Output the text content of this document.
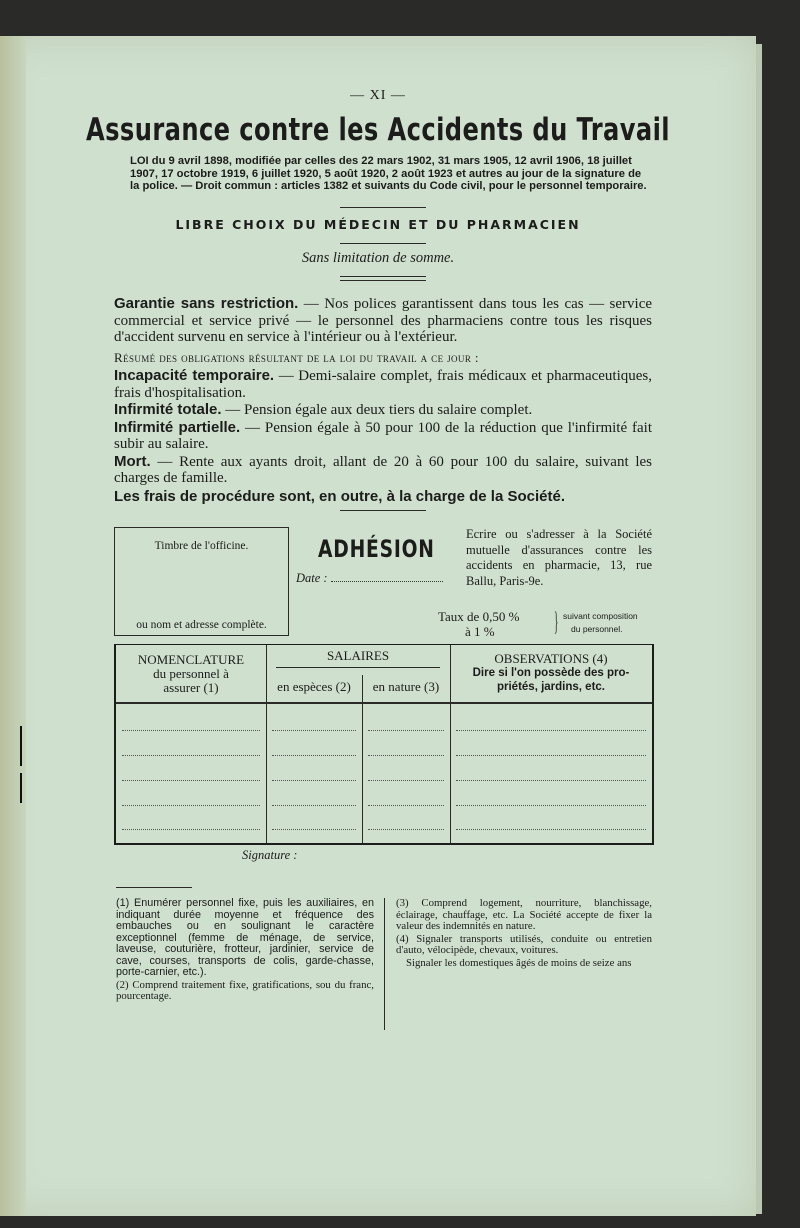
— XI —
Assurance contre les Accidents du Travail
LOI du 9 avril 1898, modifiée par celles des 22 mars 1902, 31 mars 1905, 12 avril 1906, 18 juillet 1907, 17 octobre 1919, 6 juillet 1920, 5 août 1920, 2 août 1923 et autres au jour de la signature de la police. — Droit commun : articles 1382 et suivants du Code civil, pour le personnel temporaire.
LIBRE CHOIX DU MÉDECIN ET DU PHARMACIEN
Sans limitation de somme.
Garantie sans restriction. — Nos polices garantissent dans tous les cas — service commercial et service privé — le personnel des pharmaciens contre tous les risques d'accident survenu en service à l'intérieur ou à l'extérieur.
Résumé des obligations résultant de la loi du travail a ce jour :
Incapacité temporaire. — Demi-salaire complet, frais médicaux et pharmaceutiques, frais d'hospitalisation.
Infirmité totale. — Pension égale aux deux tiers du salaire complet.
Infirmité partielle. — Pension égale à 50 pour 100 de la réduction que l'infirmité fait subir au salaire.
Mort. — Rente aux ayants droit, allant de 20 à 60 pour 100 du salaire, suivant les charges de famille.
Les frais de procédure sont, en outre, à la charge de la Société.
Timbre de l'officine.
ou nom et adresse complète.
ADHÉSION
Date :
Ecrire ou s'adresser à la Société mutuelle d'assurances contre les accidents en pharmacie, 13, rue Ballu, Paris-9e.
Taux de 0,50 %
à 1 %	} suivant composition
du personnel.
NOMENCLATURE
du personnel à
assurer (1)
SALAIRES
en espèces (2)	en nature (3)
OBSERVATIONS (4)
Dire si l'on possède des pro-
priétés, jardins, etc.
Signature :
(1) Enumérer personnel fixe, puis les auxiliaires, en indiquant durée moyenne et fréquence des embauches ou en soulignant le caractère exceptionnel (femme de ménage, de service, laveuse, couturière, frotteur, jardinier, service de cave, courses, transports de colis, garde-chasse, porte-carnier, etc.).
(2) Comprend traitement fixe, gratifications, sou du franc, pourcentage.
(3) Comprend logement, nourriture, blanchissage, éclairage, chauffage, etc. La Société accepte de fixer la valeur des indemnités en nature.
(4) Signaler transports utilisés, conduite ou entretien d'auto, vélocipède, chevaux, voitures.
Signaler les domestiques âgés de moins de seize ans
